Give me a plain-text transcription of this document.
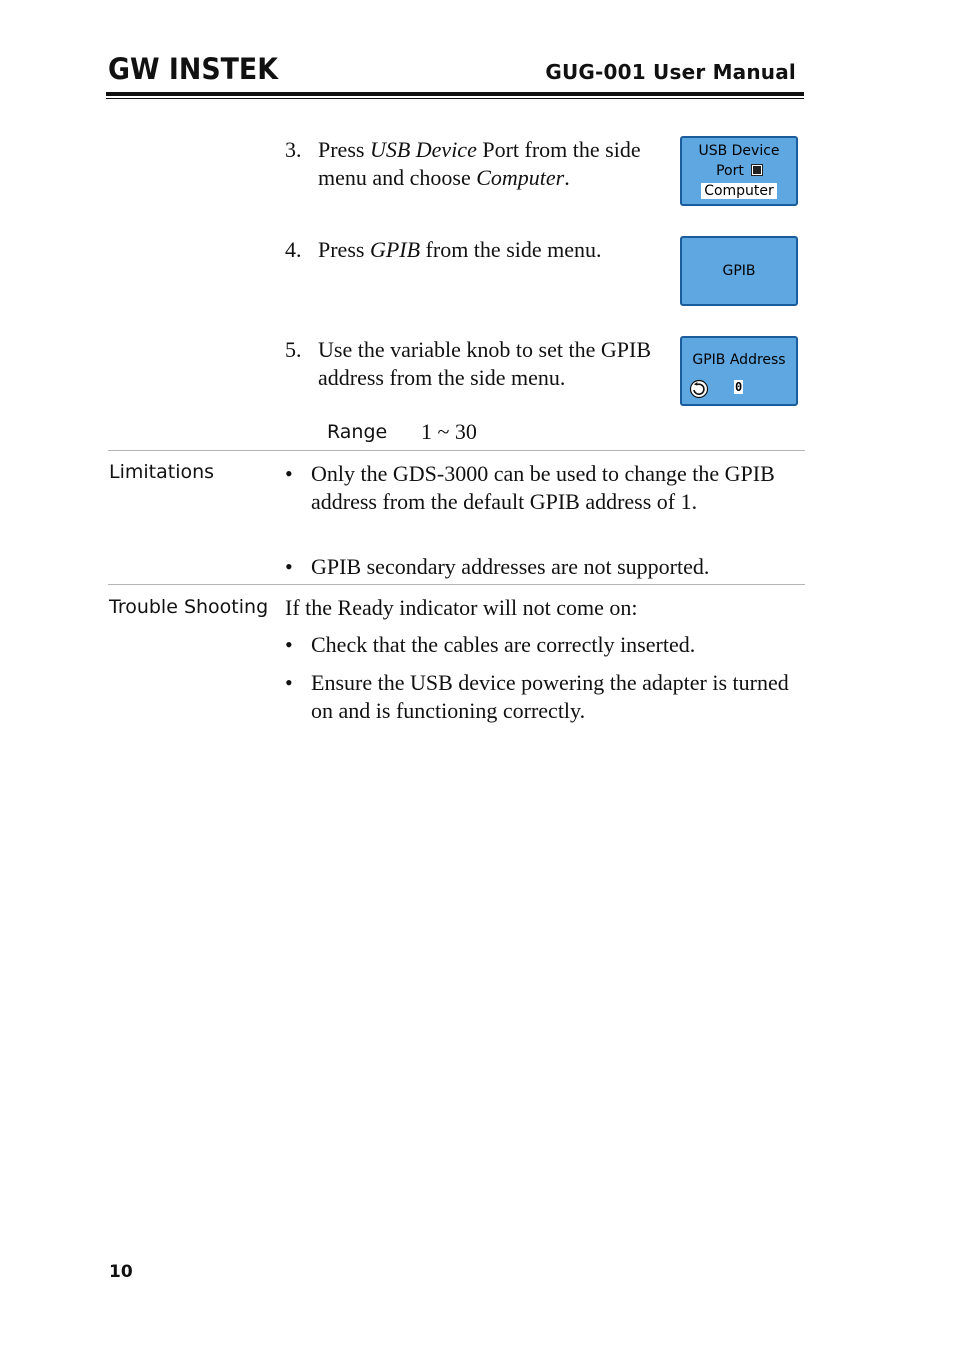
GW INSTEK	GUG-001 User Manual
3. Press USB Device Port from the side menu and choose Computer.
USB Device
Port
Computer
4. Press GPIB from the side menu.
GPIB
5. Use the variable knob to set the GPIB address from the side menu.
GPIB Address
0
Range 1 ~ 30
Limitations	• Only the GDS-3000 can be used to change the GPIB address from the default GPIB address of 1.
• GPIB secondary addresses are not supported.
Trouble Shooting If the Ready indicator will not come on:
• Check that the cables are correctly inserted.
• Ensure the USB device powering the adapter is turned on and is functioning correctly.
10
